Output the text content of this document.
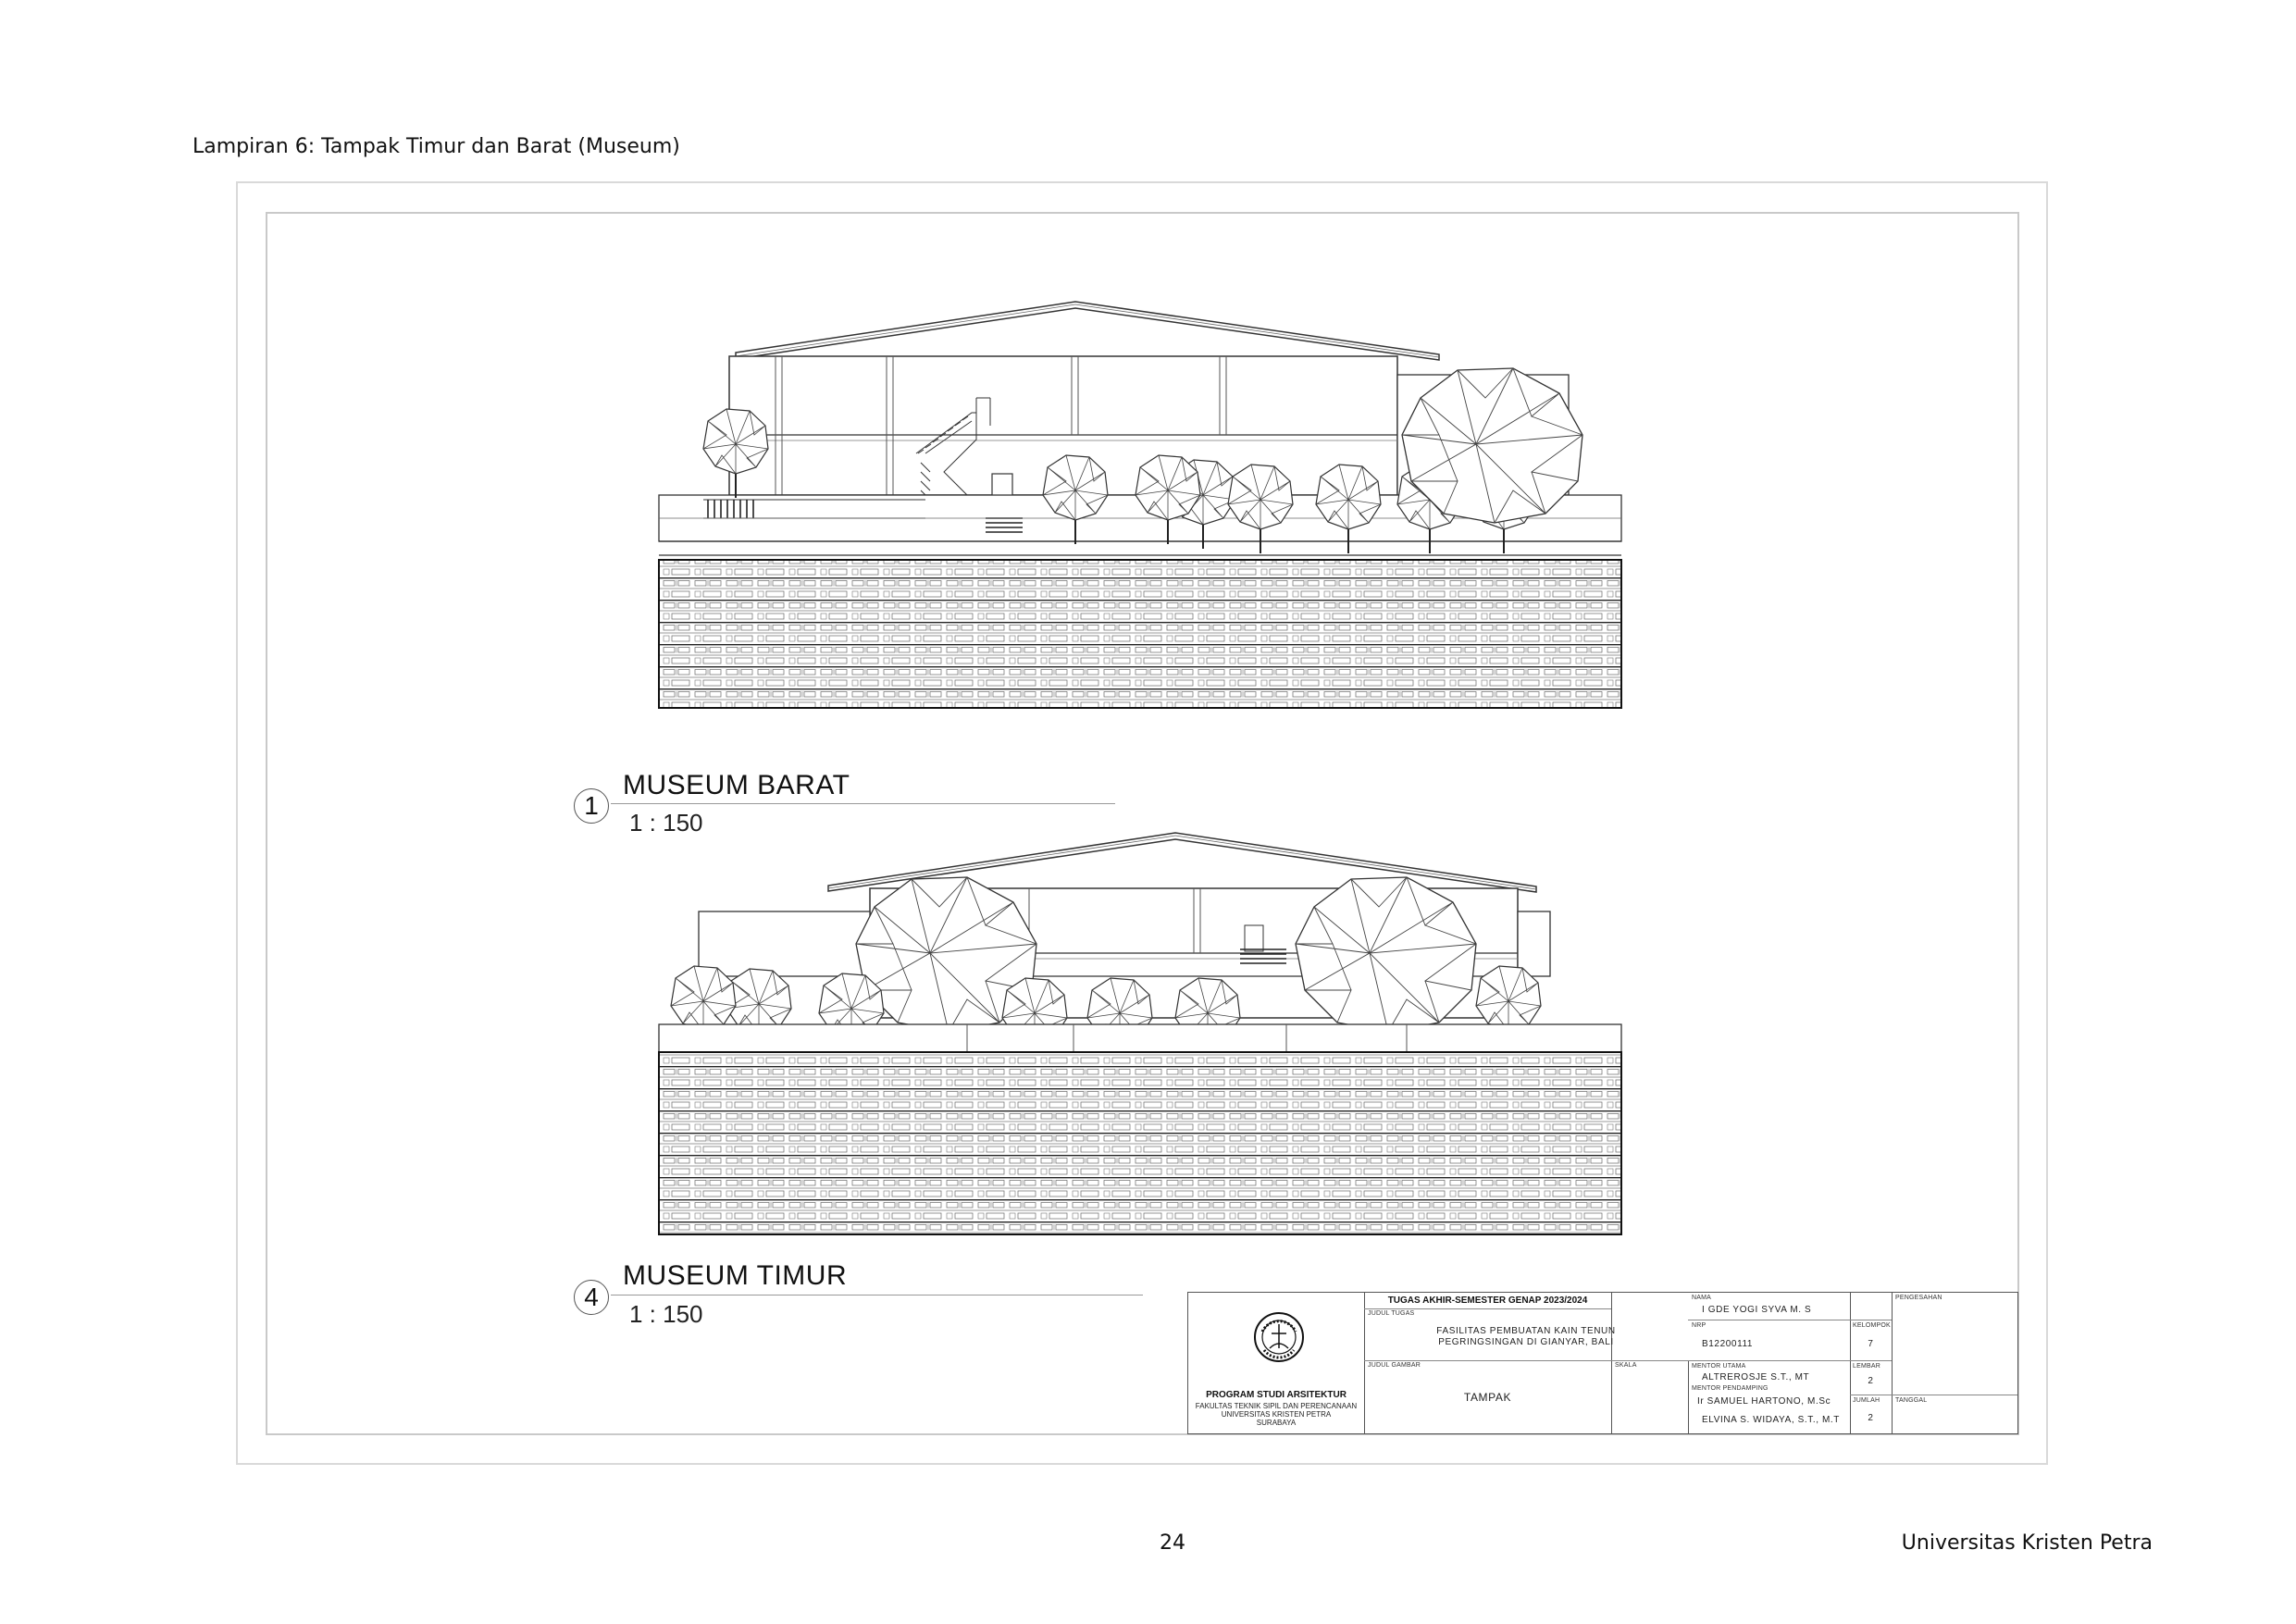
Lampiran 6: Tampak Timur dan Barat (Museum)
1
MUSEUM BARAT
1 : 150
4
MUSEUM TIMUR
1 : 150
PROGRAM STUDI ARSITEKTUR
FAKULTAS TEKNIK SIPIL DAN PERENCANAAN
UNIVERSITAS KRISTEN PETRA
SURABAYA
TUGAS AKHIR-SEMESTER GENAP 2023/2024
JUDUL TUGAS
FASILITAS PEMBUATAN KAIN TENUN
PEGRINGSINGAN DI GIANYAR, BALI
JUDUL GAMBAR
TAMPAK
SKALA
NAMA
I GDE YOGI SYVA M. S
NRP
B12200111
MENTOR UTAMA
ALTREROSJE S.T., MT
MENTOR PENDAMPING
Ir SAMUEL HARTONO, M.Sc
ELVINA S. WIDAYA, S.T., M.T
KELOMPOK
7
LEMBAR
2
JUMLAH
2
PENGESAHAN
TANGGAL
24	Universitas Kristen Petra
